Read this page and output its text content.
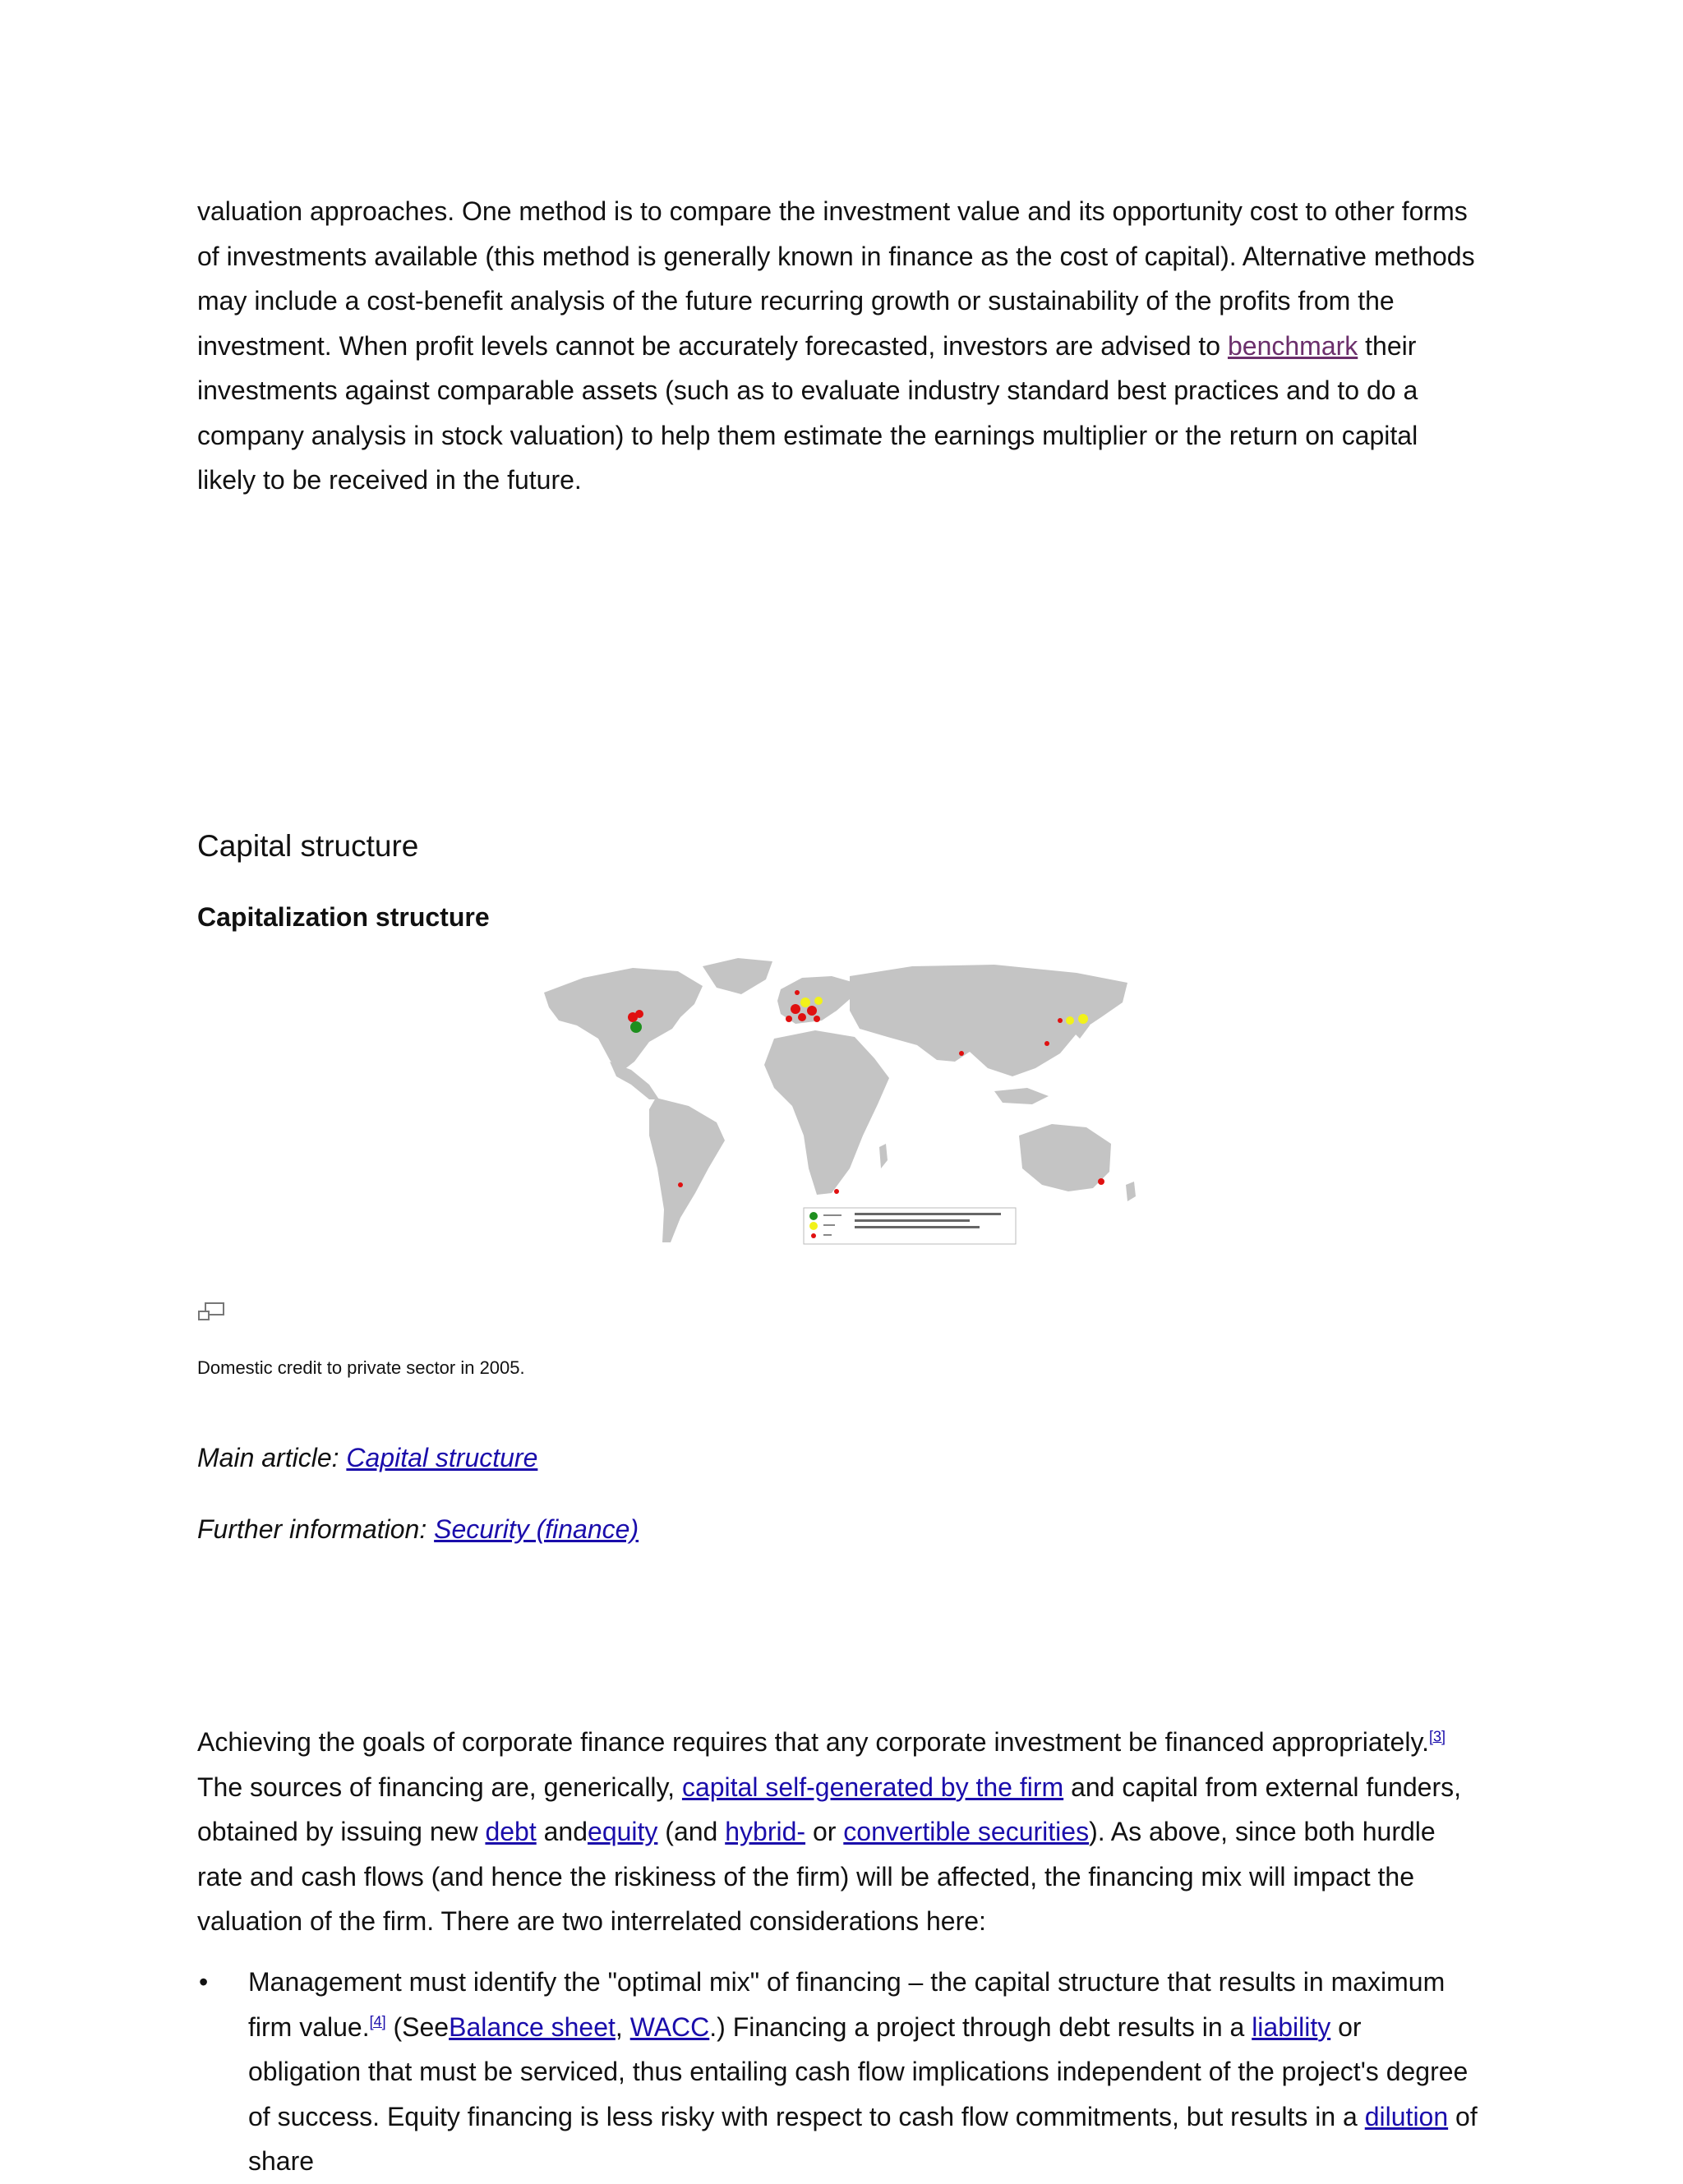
valuation approaches. One method is to compare the investment value and its opportunity cost to other forms of investments available (this method is generally known in finance as the cost of capital). Alternative methods may include a cost-benefit analysis of the future recurring growth or sustainability of the profits from the investment. When profit levels cannot be accurately forecasted, investors are advised to benchmark their investments against comparable assets (such as to evaluate industry standard best practices and to do a company analysis in stock valuation) to help them estimate the earnings multiplier or the return on capital likely to be received in the future.

Capital structure
Capitalization structure
Domestic credit to private sector in 2005.
Main article: Capital structure
Further information: Security (finance)

Achieving the goals of corporate finance requires that any corporate investment be financed appropriately.[3] The sources of financing are, generically, capital self-generated by the firm and capital from external funders, obtained by issuing new debt andequity (and hybrid- or convertible securities). As above, since both hurdle rate and cash flows (and hence the riskiness of the firm) will be affected, the financing mix will impact the valuation of the firm. There are two interrelated considerations here:

• Management must identify the "optimal mix" of financing – the capital structure that results in maximum firm value.[4] (SeeBalance sheet, WACC.) Financing a project through debt results in a liability or obligation that must be serviced, thus entailing cash flow implications independent of the project's degree of success. Equity financing is less risky with respect to cash flow commitments, but results in a dilution of share
